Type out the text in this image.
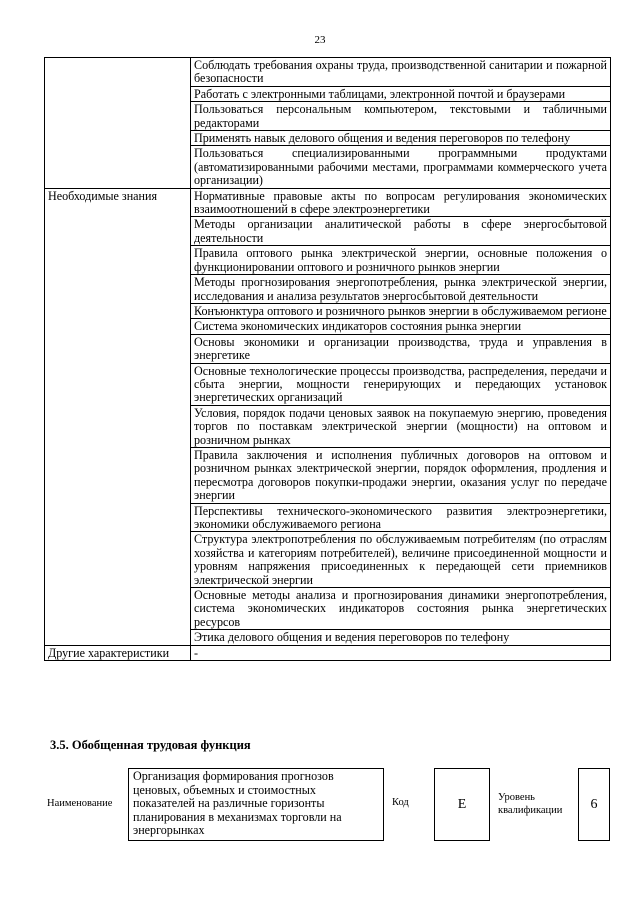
23
	Соблюдать требования охраны труда, производственной санитарии и пожарной безопасности
	Работать с электронными таблицами, электронной почтой и браузерами
	Пользоваться персональным компьютером, текстовыми и табличными редакторами
	Применять навык делового общения и ведения переговоров по телефону
	Пользоваться специализированными программными продуктами (автоматизированными рабочими местами, программами коммерческого учета организации)
Необходимые знания	Нормативные правовые акты по вопросам регулирования экономических взаимоотношений в сфере электроэнергетики
	Методы организации аналитической работы в сфере энергосбытовой деятельности
	Правила оптового рынка электрической энергии, основные положения о функционировании оптового и розничного рынков энергии
	Методы прогнозирования энергопотребления, рынка электрической энергии, исследования и анализа результатов энергосбытовой деятельности
	Конъюнктура оптового и розничного рынков энергии в обслуживаемом регионе
	Система экономических индикаторов состояния рынка энергии
	Основы экономики и организации производства, труда и управления в энергетике
	Основные технологические процессы производства, распределения, передачи и сбыта энергии, мощности генерирующих и передающих установок энергетических организаций
	Условия, порядок подачи ценовых заявок на покупаемую энергию, проведения торгов по поставкам электрической энергии (мощности) на оптовом и розничном рынках
	Правила заключения и исполнения публичных договоров на оптовом и розничном рынках электрической энергии, порядок оформления, продления и пересмотра договоров покупки-продажи энергии, оказания услуг по передаче энергии
	Перспективы технического-экономического развития электроэнергетики, экономики обслуживаемого региона
	Структура электропотребления по обслуживаемым потребителям (по отраслям хозяйства и категориям потребителей), величине присоединенной мощности и уровням напряжения присоединенных к передающей сети приемников электрической энергии
	Основные методы анализа и прогнозирования динамики энергопотребления, система экономических индикаторов состояния рынка энергетических ресурсов
	Этика делового общения и ведения переговоров по телефону
Другие характеристики	-
3.5. Обобщенная трудовая функция
Наименование
Организация формирования прогнозов ценовых, объемных и стоимостных показателей на различные горизонты планирования в механизмах торговли на энергорынках
Код	E	Уровень квалификации	6
